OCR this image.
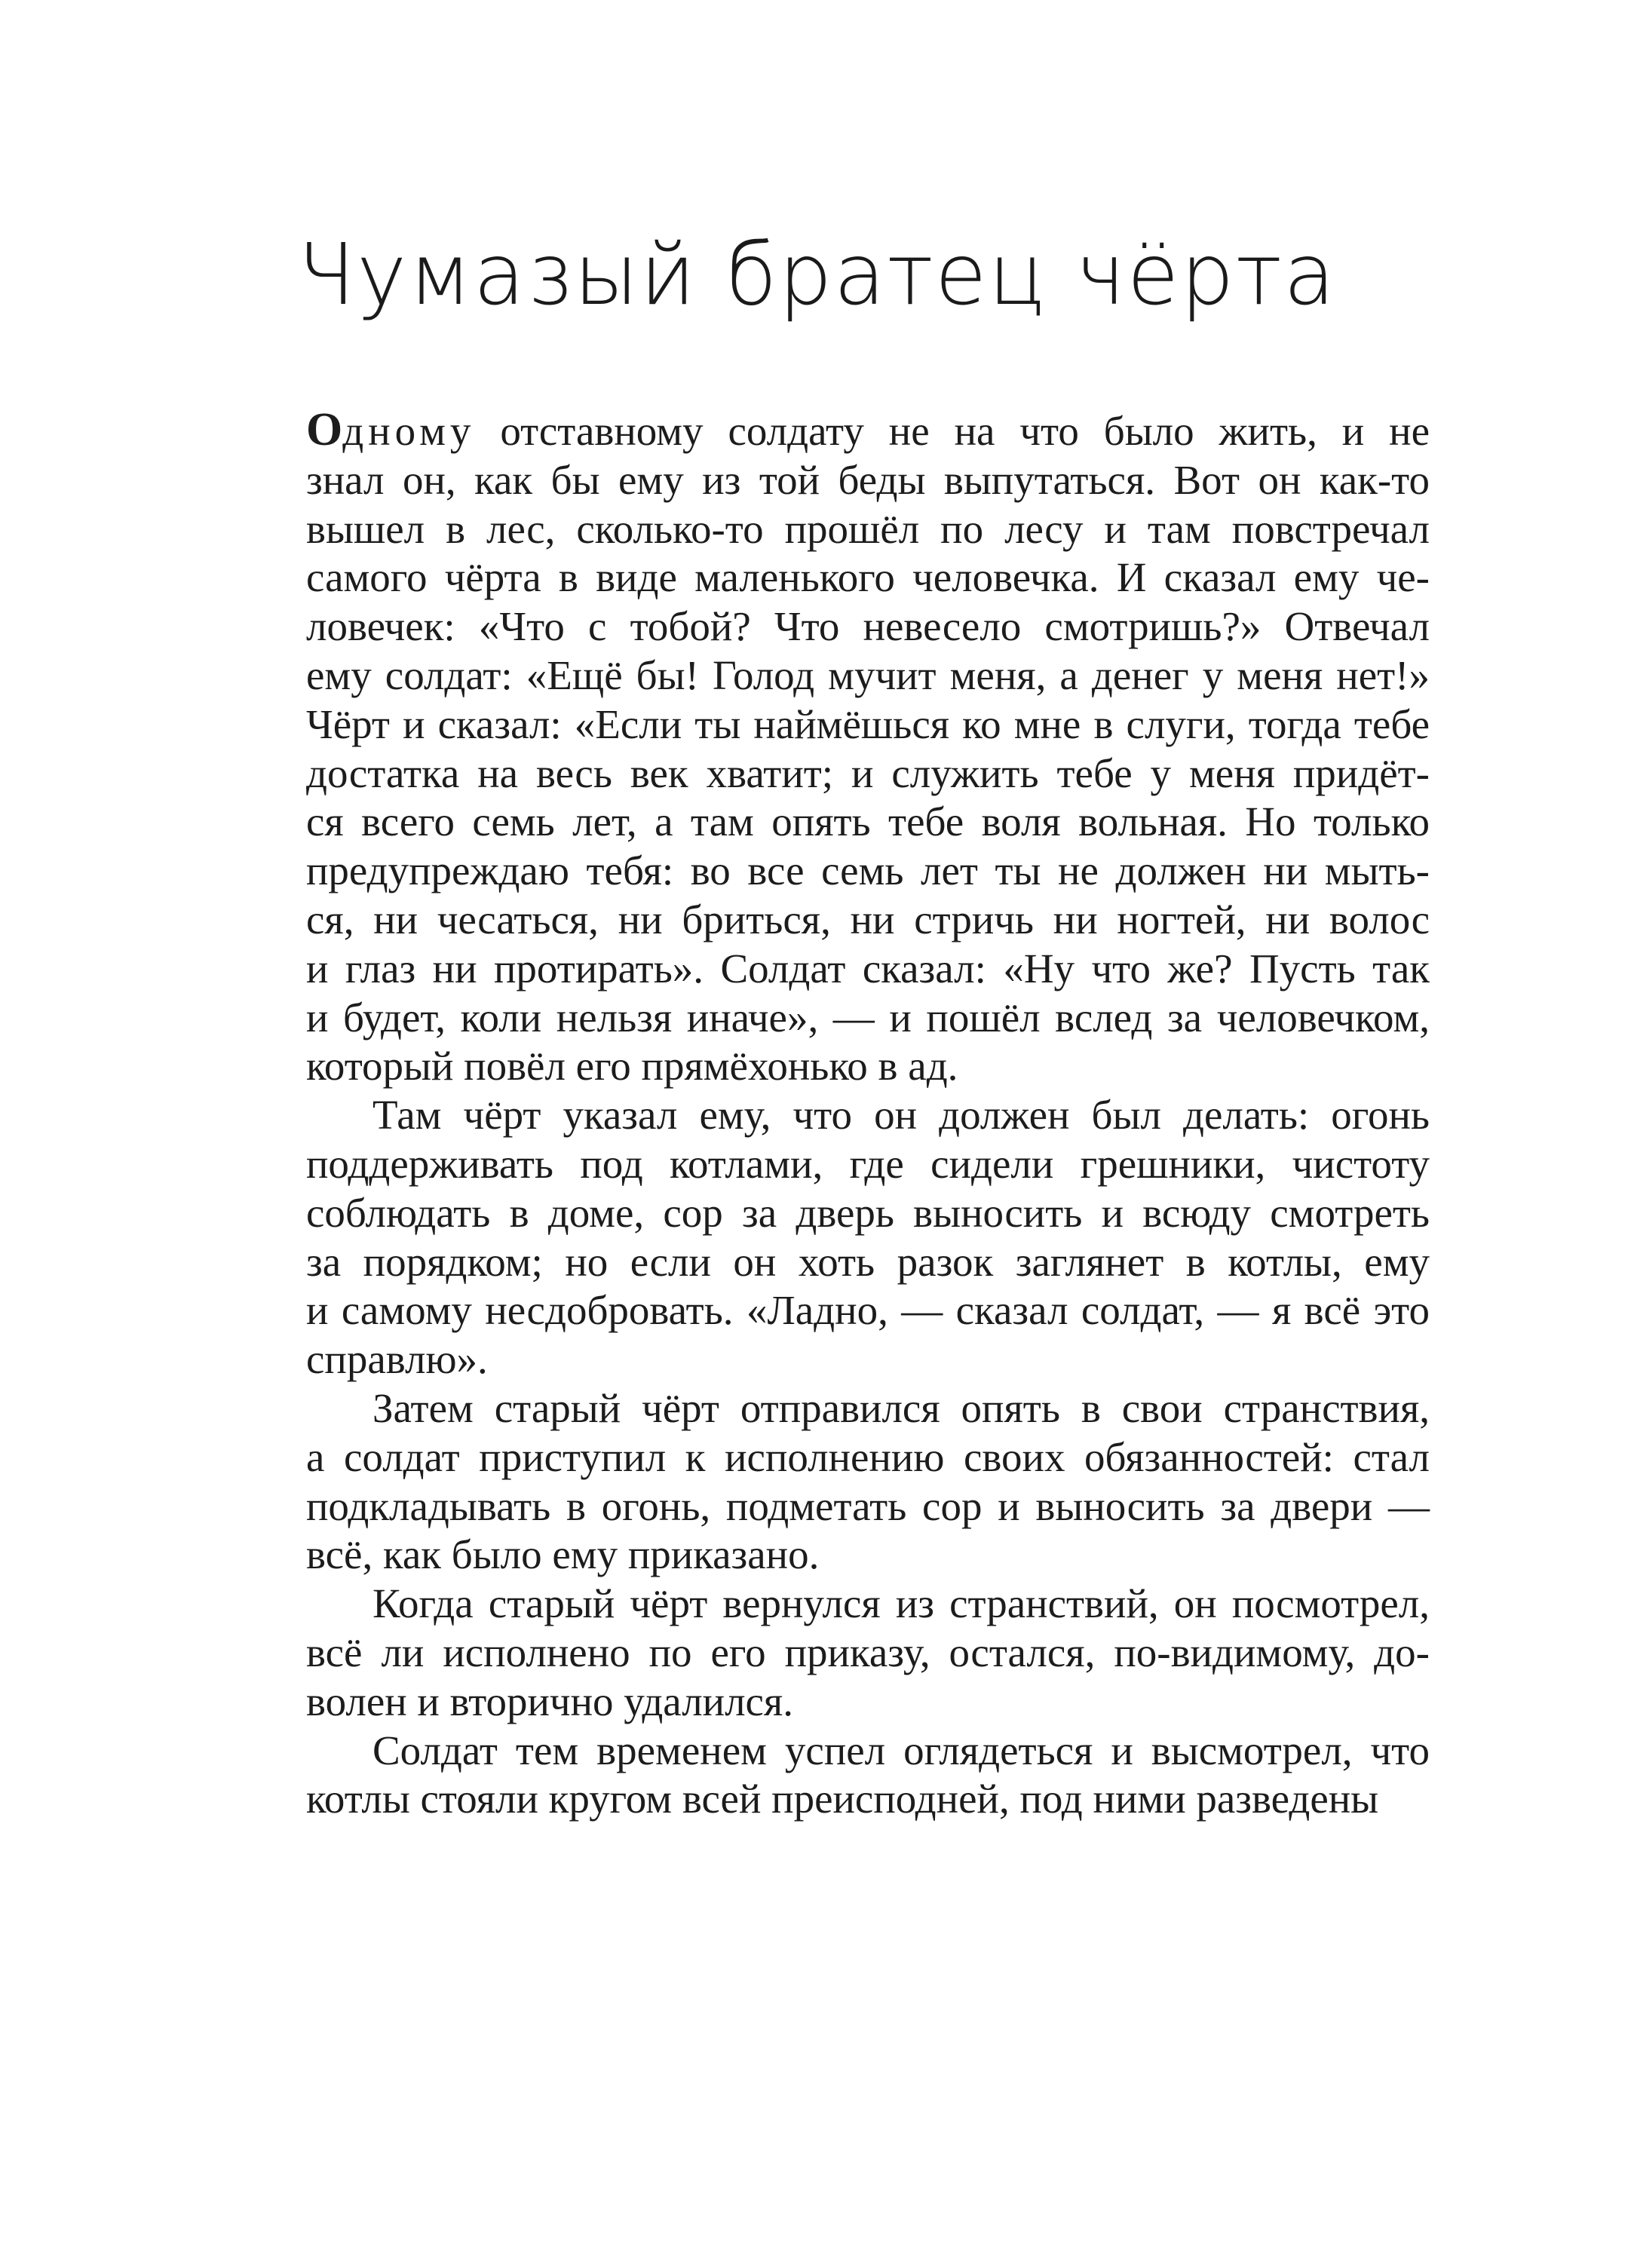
Чумазый братец чёрта

Одному отставному солдату не на что было жить, и не

знал он, как бы ему из той беды выпутаться. Вот он как-то

вышел в лес, сколько-то прошёл по лесу и там повстречал

самого чёрта в виде маленького человечка. И сказал ему че-

ловечек: «Что с тобой? Что невесело смотришь?» Отвечал

ему солдат: «Ещё бы! Голод мучит меня, а денег у меня нет!»

Чёрт и сказал: «Если ты наймёшься ко мне в слуги, тогда тебе

достатка на весь век хватит; и служить тебе у меня придёт-

ся всего семь лет, а там опять тебе воля вольная. Но только

предупреждаю тебя: во все семь лет ты не должен ни мыть-

ся, ни чесаться, ни бриться, ни стричь ни ногтей, ни волос

и глаз ни протирать». Солдат сказал: «Ну что же? Пусть так

и будет, коли нельзя иначе», — и пошёл вслед за человечком,

который повёл его прямёхонько в ад.

Там чёрт указал ему, что он должен был делать: огонь

поддерживать под котлами, где сидели грешники, чистоту

соблюдать в доме, сор за дверь выносить и всюду смотреть

за порядком; но если он хоть разок заглянет в котлы, ему

и самому несдобровать. «Ладно, — сказал солдат, — я всё это

справлю».

Затем старый чёрт отправился опять в свои странствия,

а солдат приступил к исполнению своих обязанностей: стал

подкладывать в огонь, подметать сор и выносить за двери —

всё, как было ему приказано.

Когда старый чёрт вернулся из странствий, он посмотрел,

всё ли исполнено по его приказу, остался, по-видимому, до-

волен и вторично удалился.

Солдат тем временем успел оглядеться и высмотрел, что

котлы стояли кругом всей преисподней, под ними разведены
